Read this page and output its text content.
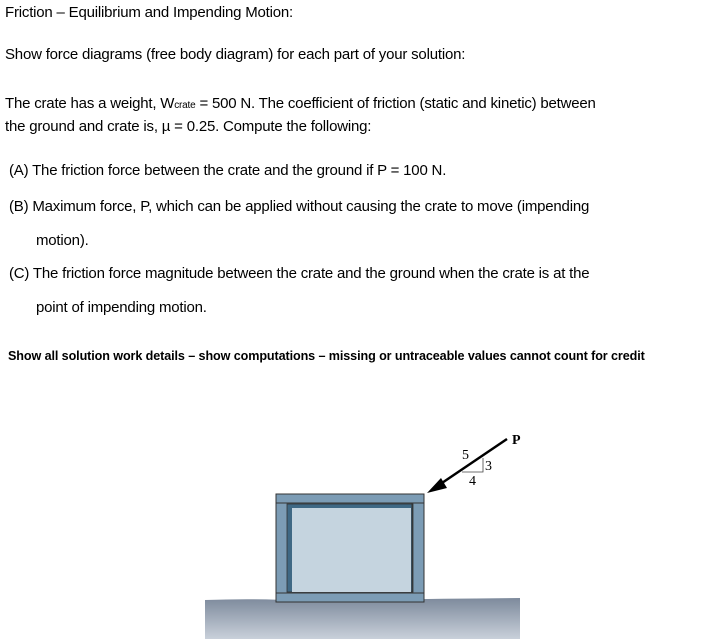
Friction – Equilibrium and Impending Motion:
Show force diagrams (free body diagram) for each part of your solution:
The crate has a weight, Wcrate = 500 N. The coefficient of friction (static and kinetic) between
the ground and crate is, µ = 0.25. Compute the following:
(A) The friction force between the crate and the ground if P = 100 N.
(B) Maximum force, P, which can be applied without causing the crate to move (impending
motion).
(C) The friction force magnitude between the crate and the ground when the crate is at the
point of impending motion.
Show all solution work details – show computations – missing or untraceable values cannot count for credit
P
5
3
4
